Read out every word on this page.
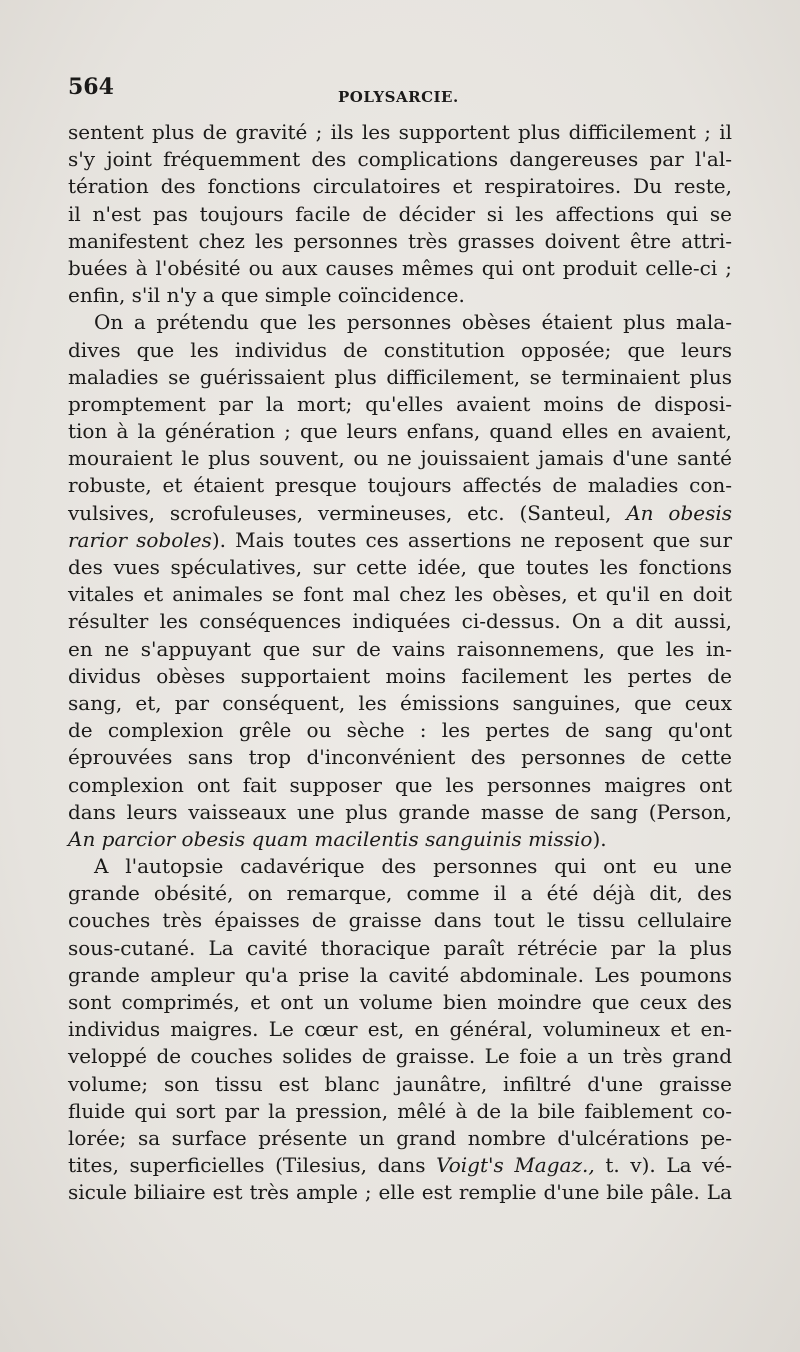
564	POLYSARCIE.
sentent plus de gravité ; ils les supportent plus difficilement ; il
s'y joint fréquemment des complications dangereuses par l'al-
tération des fonctions circulatoires et respiratoires. Du reste,
il n'est pas toujours facile de décider si les affections qui se
manifestent chez les personnes très grasses doivent être attri-
buées à l'obésité ou aux causes mêmes qui ont produit celle-ci ;
enfin, s'il n'y a que simple coïncidence.
On a prétendu que les personnes obèses étaient plus mala-
dives que les individus de constitution opposée; que leurs
maladies se guérissaient plus difficilement, se terminaient plus
promptement par la mort; qu'elles avaient moins de disposi-
tion à la génération ; que leurs enfans, quand elles en avaient,
mouraient le plus souvent, ou ne jouissaient jamais d'une santé
robuste, et étaient presque toujours affectés de maladies con-
vulsives, scrofuleuses, vermineuses, etc. (Santeul, An obesis
rarior soboles). Mais toutes ces assertions ne reposent que sur
des vues spéculatives, sur cette idée, que toutes les fonctions
vitales et animales se font mal chez les obèses, et qu'il en doit
résulter les conséquences indiquées ci-dessus. On a dit aussi,
en ne s'appuyant que sur de vains raisonnemens, que les in-
dividus obèses supportaient moins facilement les pertes de
sang, et, par conséquent, les émissions sanguines, que ceux
de complexion grêle ou sèche : les pertes de sang qu'ont
éprouvées sans trop d'inconvénient des personnes de cette
complexion ont fait supposer que les personnes maigres ont
dans leurs vaisseaux une plus grande masse de sang (Person,
An parcior obesis quam macilentis sanguinis missio).
A l'autopsie cadavérique des personnes qui ont eu une
grande obésité, on remarque, comme il a été déjà dit, des
couches très épaisses de graisse dans tout le tissu cellulaire
sous-cutané. La cavité thoracique paraît rétrécie par la plus
grande ampleur qu'a prise la cavité abdominale. Les poumons
sont comprimés, et ont un volume bien moindre que ceux des
individus maigres. Le cœur est, en général, volumineux et en-
veloppé de couches solides de graisse. Le foie a un très grand
volume; son tissu est blanc jaunâtre, infiltré d'une graisse
fluide qui sort par la pression, mêlé à de la bile faiblement co-
lorée; sa surface présente un grand nombre d'ulcérations pe-
tites, superficielles (Tilesius, dans Voigt's Magaz., t. v). La vé-
sicule biliaire est très ample ; elle est remplie d'une bile pâle. La
